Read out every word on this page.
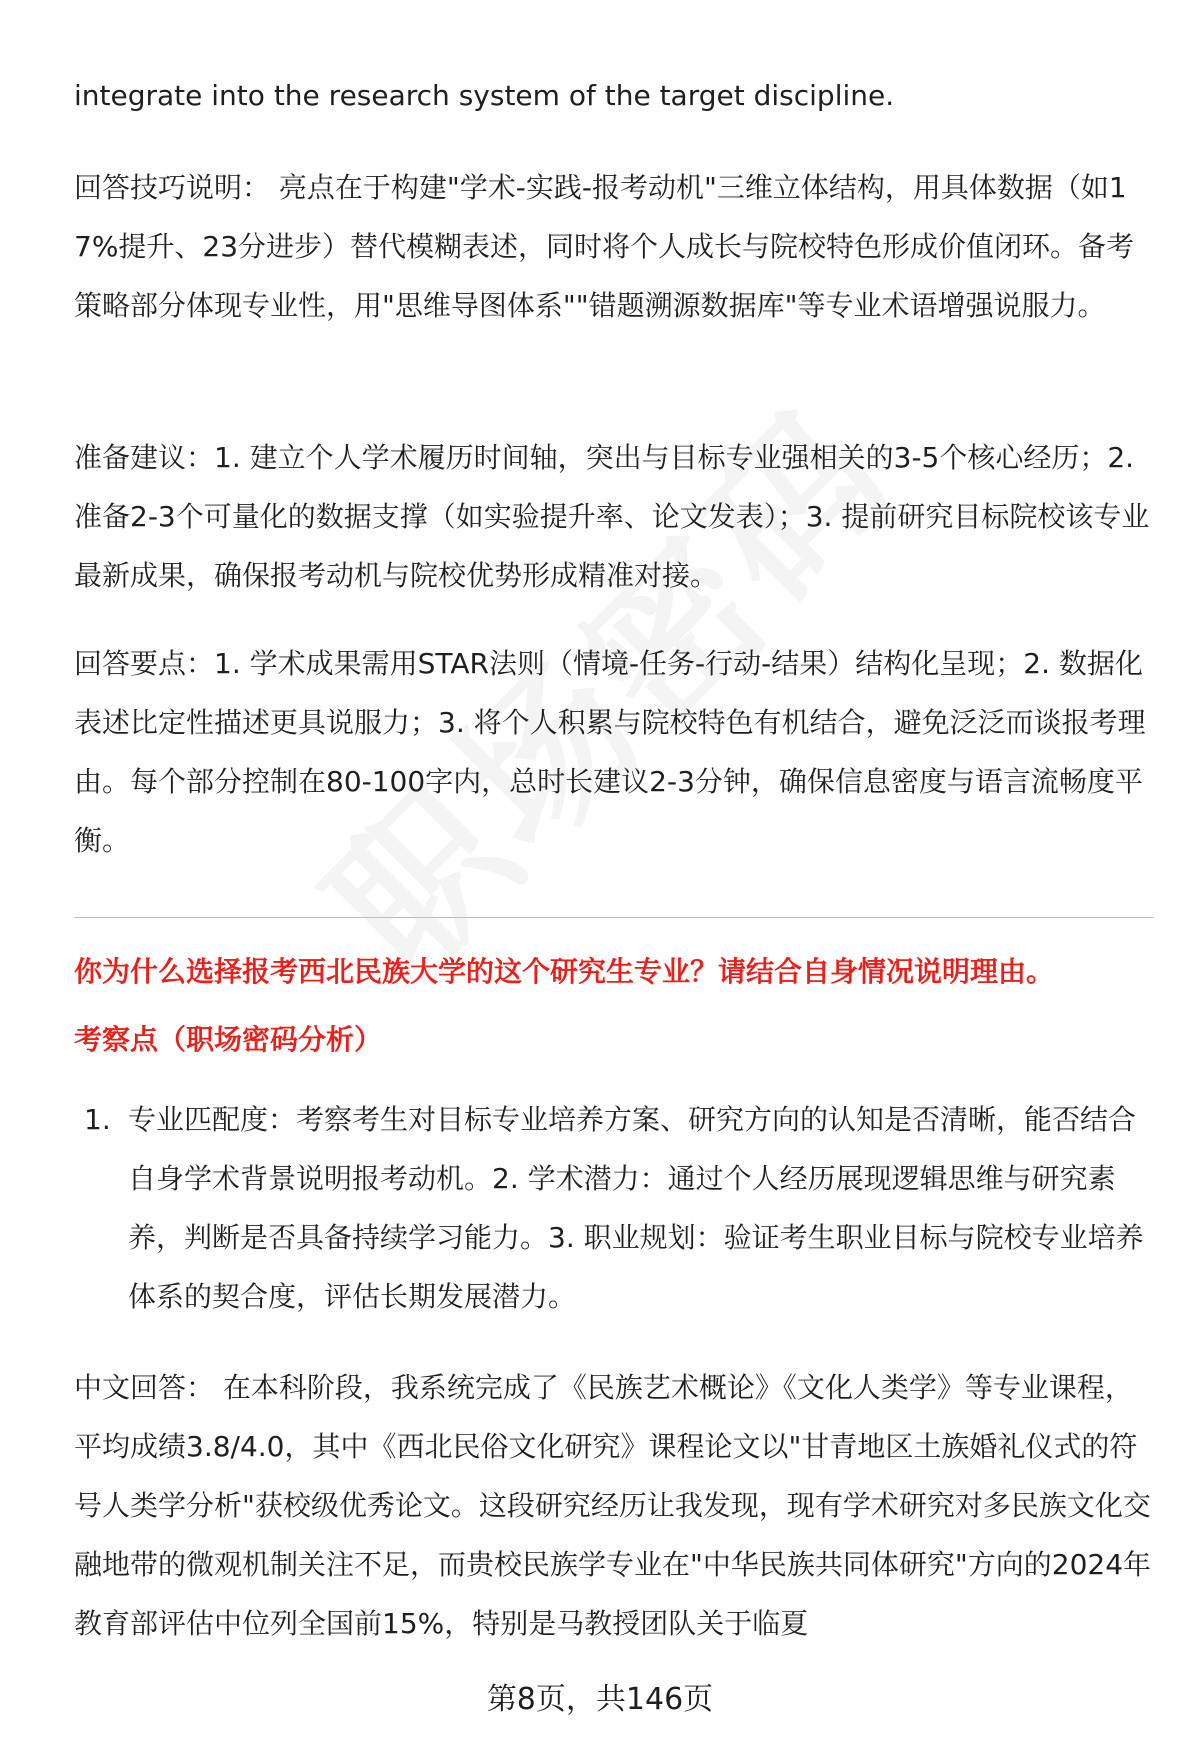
integrate into the research system of the target discipline.

回答技巧说明： 亮点在于构建"学术-实践-报考动机"三维立体结构，用具体数据（如17%提升、23分进步）替代模糊表述，同时将个人成长与院校特色形成价值闭环。备考策略部分体现专业性，用"思维导图体系""错题溯源数据库"等专业术语增强说服力。

准备建议：1. 建立个人学术履历时间轴，突出与目标专业强相关的3-5个核心经历；2. 准备2-3个可量化的数据支撑（如实验提升率、论文发表）；3. 提前研究目标院校该专业最新成果，确保报考动机与院校优势形成精准对接。

回答要点：1. 学术成果需用STAR法则（情境-任务-行动-结果）结构化呈现；2. 数据化表述比定性描述更具说服力；3. 将个人积累与院校特色有机结合，避免泛泛而谈报考理由。每个部分控制在80-100字内，总时长建议2-3分钟，确保信息密度与语言流畅度平衡。

你为什么选择报考西北民族大学的这个研究生专业？请结合自身情况说明理由。

考察点（职场密码分析）

1. 专业匹配度：考察考生对目标专业培养方案、研究方向的认知是否清晰，能否结合自身学术背景说明报考动机。2. 学术潜力：通过个人经历展现逻辑思维与研究素养，判断是否具备持续学习能力。3. 职业规划：验证考生职业目标与院校专业培养体系的契合度，评估长期发展潜力。

中文回答： 在本科阶段，我系统完成了《民族艺术概论》《文化人类学》等专业课程，平均成绩3.8/4.0，其中《西北民俗文化研究》课程论文以"甘青地区土族婚礼仪式的符号人类学分析"获校级优秀论文。这段研究经历让我发现，现有学术研究对多民族文化交融地带的微观机制关注不足，而贵校民族学专业在"中华民族共同体研究"方向的2024年教育部评估中位列全国前15%，特别是马教授团队关于临夏

第8页，共146页
